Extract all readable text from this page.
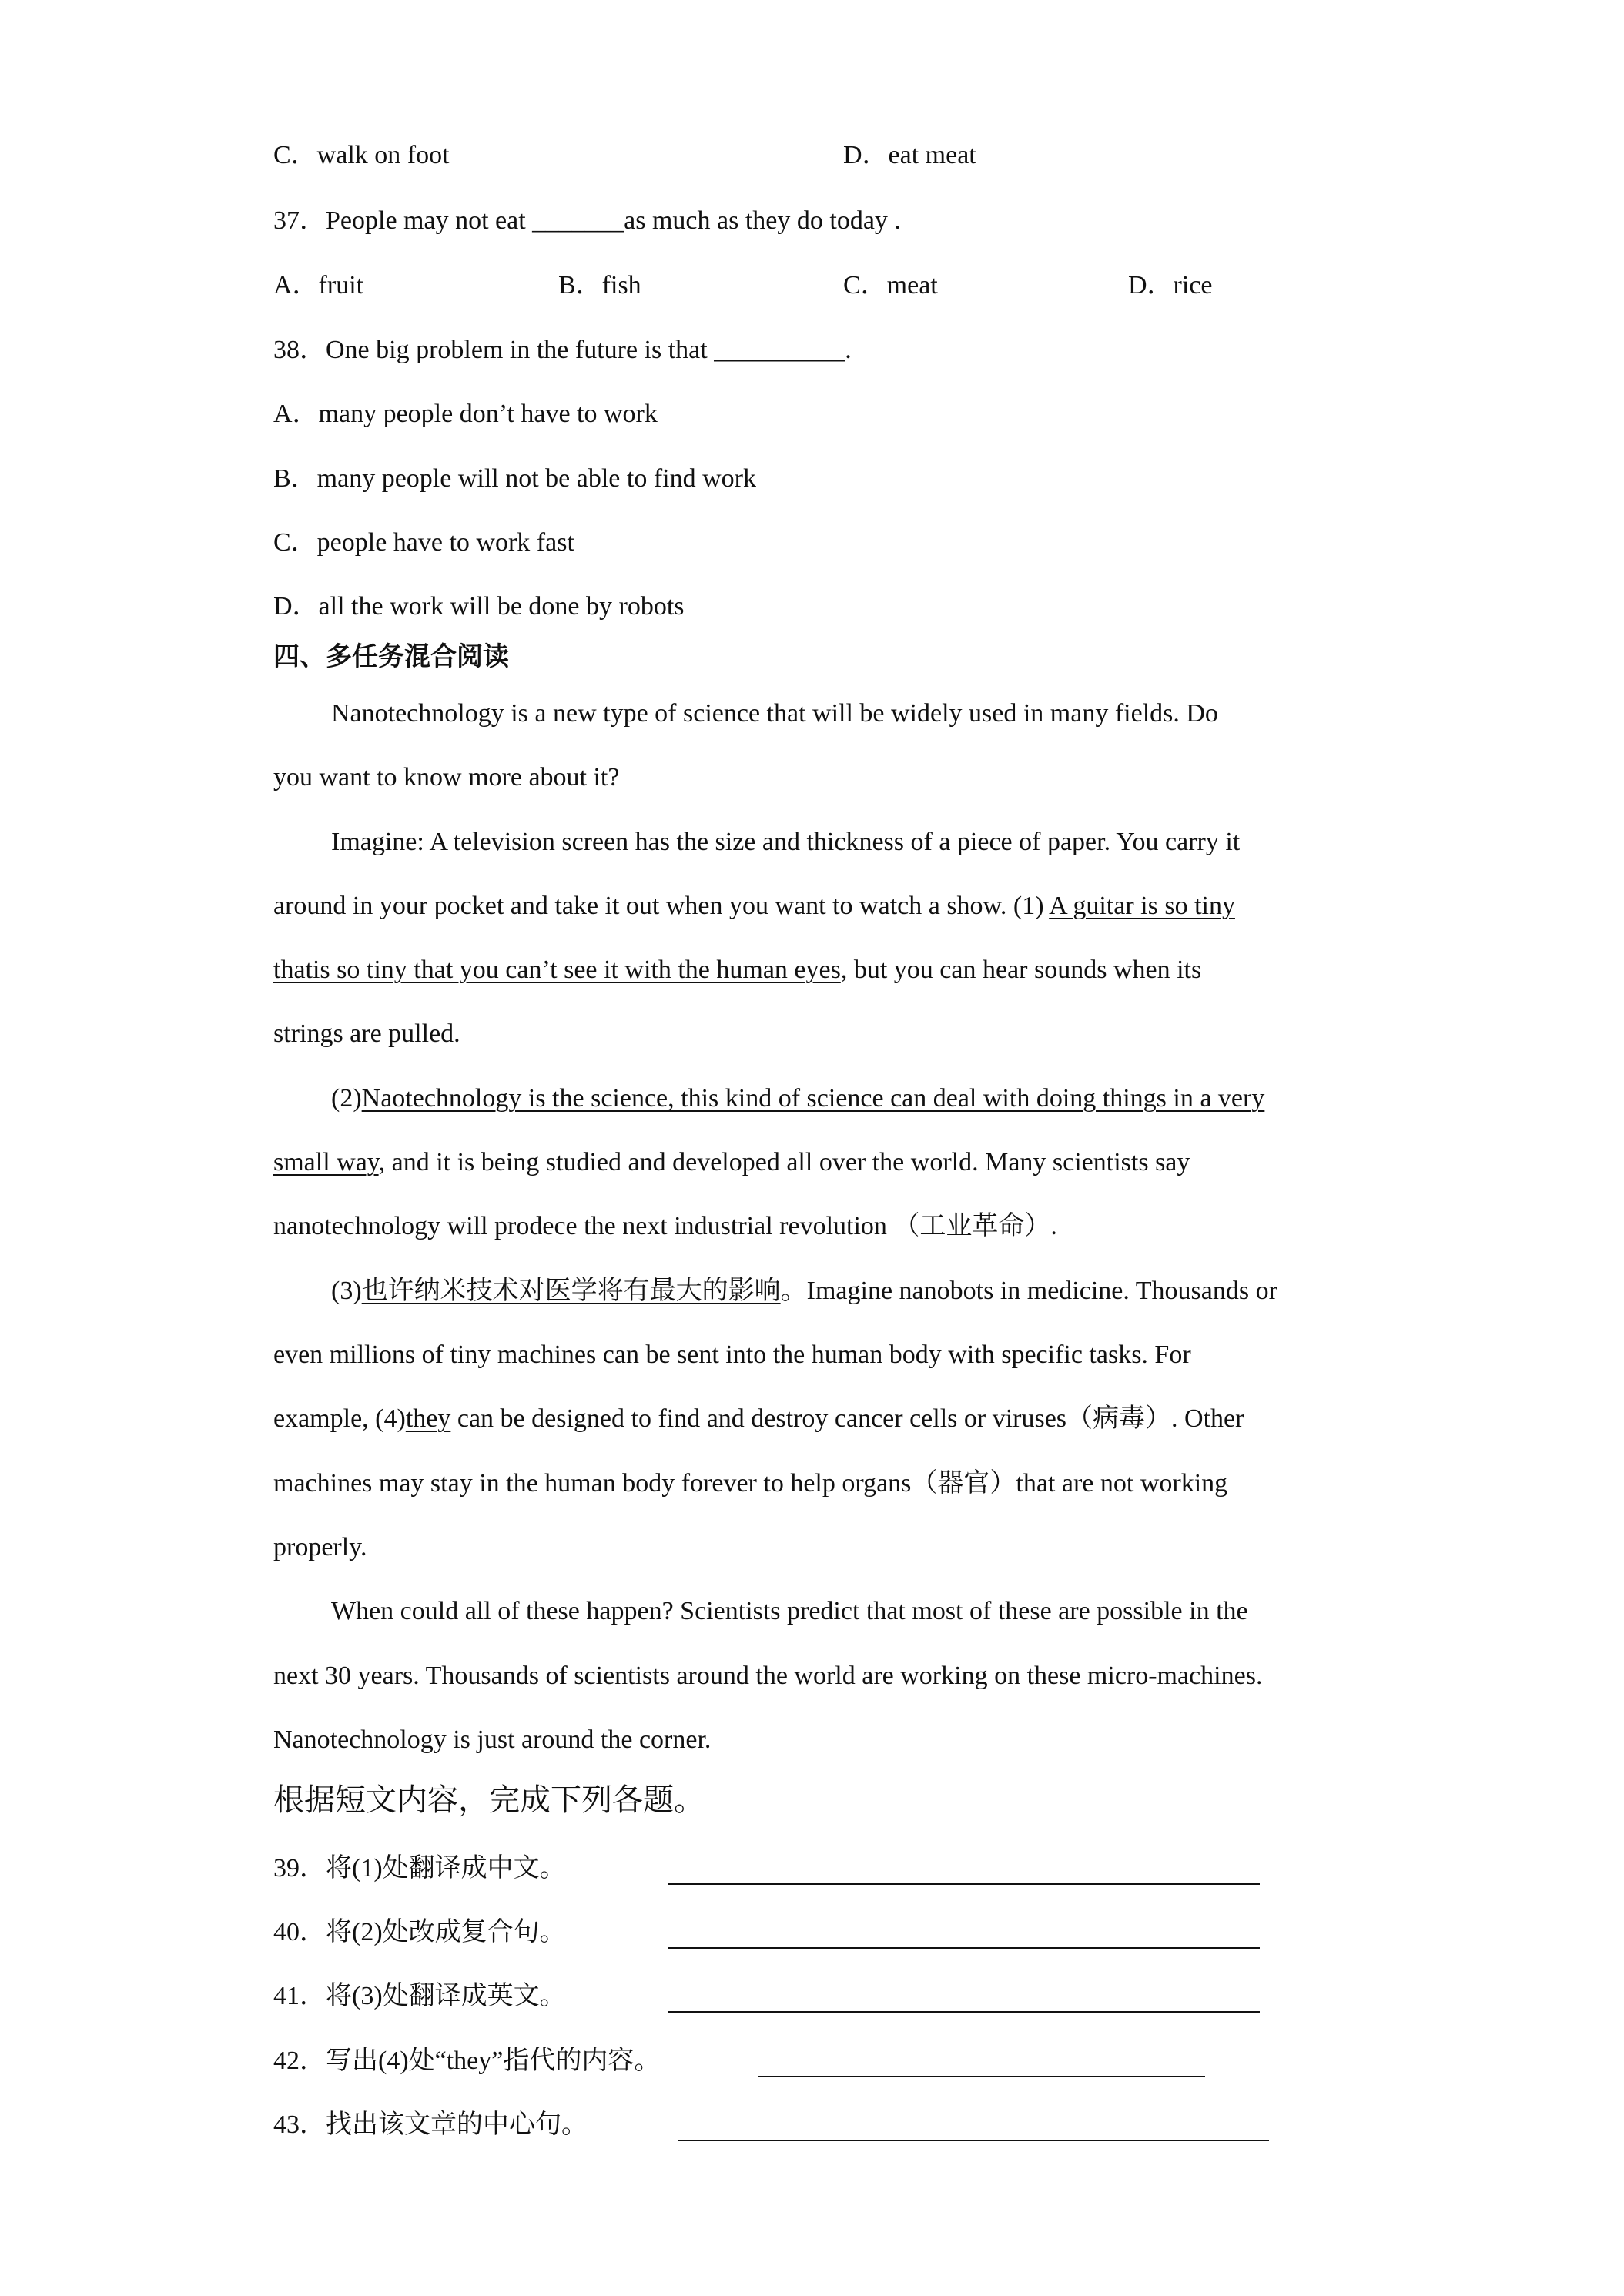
C．walk on foot	D．eat meat
37．People may not eat _______as much as they do today .
A．fruit	B．fish	C．meat	D．rice
38．One big problem in the future is that __________.
A．many people don’t have to work
B．many people will not be able to find work
C．people have to work fast
D．all the work will be done by robots
四、多任务混合阅读
Nanotechnology is a new type of science that will be widely used in many fields. Do
you want to know more about it?
Imagine: A television screen has the size and thickness of a piece of paper. You carry it
around in your pocket and take it out when you want to watch a show. (1) A guitar is so tiny
thatis so tiny that you can’t see it with the human eyes, but you can hear sounds when its
strings are pulled.
(2)Naotechnology is the science, this kind of science can deal with doing things in a very
small way, and it is being studied and developed all over the world. Many scientists say
nanotechnology will prodece the next industrial revolution （工业革命）.
(3)也许纳米技术对医学将有最大的影响。Imagine nanobots in medicine. Thousands or
even millions of tiny machines can be sent into the human body with specific tasks. For
example, (4)they can be designed to find and destroy cancer cells or viruses（病毒）. Other
machines may stay in the human body forever to help organs（器官）that are not working
properly.
When could all of these happen? Scientists predict that most of these are possible in the
next 30 years. Thousands of scientists around the world are working on these micro-machines.
Nanotechnology is just around the corner.
根据短文内容，完成下列各题。
39．将(1)处翻译成中文。
40．将(2)处改成复合句。
41．将(3)处翻译成英文。
42．写出(4)处“they”指代的内容。
43．找出该文章的中心句。
